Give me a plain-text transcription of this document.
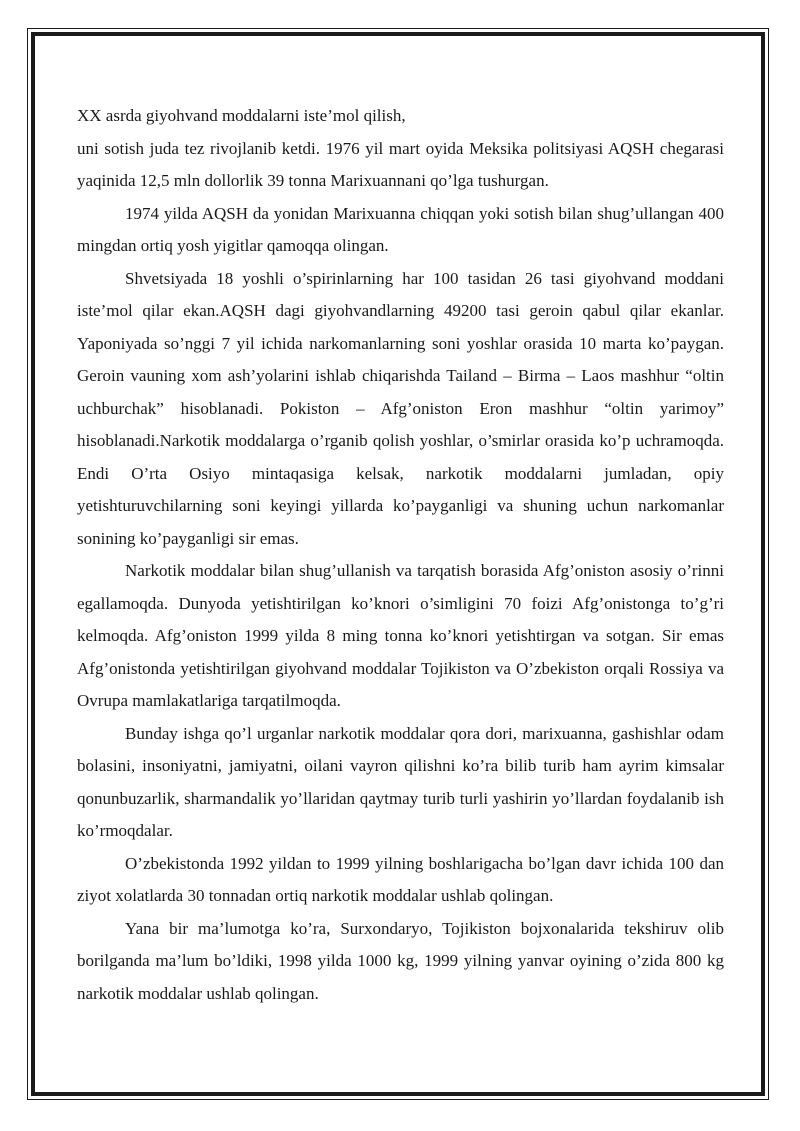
XX asrda giyohvand moddalarni iste’mol qilish,

uni sotish juda tez rivojlanib ketdi. 1976 yil mart oyida Meksika politsiyasi AQSH chegarasi yaqinida 12,5 mln dollorlik 39 tonna Marixuannani qo’lga tushurgan.

1974 yilda AQSH da yonidan Marixuanna chiqqan yoki sotish bilan shug’ullangan 400 mingdan ortiq yosh yigitlar qamoqqa olingan.

Shvetsiyada 18 yoshli o’spirinlarning har 100 tasidan 26 tasi giyohvand moddani iste’mol qilar ekan.AQSH dagi giyohvandlarning 49200 tasi geroin qabul qilar ekanlar. Yaponiyada so’nggi 7 yil ichida narkomanlarning soni yoshlar orasida 10 marta ko’paygan. Geroin vauning xom ash’yolarini ishlab chiqarishda Tailand – Birma – Laos mashhur “oltin uchburchak” hisoblanadi. Pokiston – Afg’oniston Eron mashhur “oltin yarimoy” hisoblanadi.Narkotik moddalarga o’rganib qolish yoshlar, o’smirlar orasida ko’p uchramoqda. Endi O’rta Osiyo mintaqasiga kelsak, narkotik moddalarni jumladan, opiy yetishturuvchilarning soni keyingi yillarda ko’payganligi va shuning uchun narkomanlar sonining ko’payganligi sir emas.

Narkotik moddalar bilan shug’ullanish va tarqatish borasida Afg’oniston asosiy o’rinni egallamoqda. Dunyoda yetishtirilgan ko’knori o’simligini 70 foizi Afg’onistonga to’g’ri kelmoqda. Afg’oniston 1999 yilda 8 ming tonna ko’knori yetishtirgan va sotgan. Sir emas Afg’onistonda yetishtirilgan giyohvand moddalar Tojikiston va O’zbekiston orqali Rossiya va Ovrupa mamlakatlariga tarqatilmoqda.

Bunday ishga qo’l urganlar narkotik moddalar qora dori, marixuanna, gashishlar odam bolasini, insoniyatni, jamiyatni, oilani vayron qilishni ko’ra bilib turib ham ayrim kimsalar qonunbuzarlik, sharmandalik yo’llaridan qaytmay turib turli yashirin yo’llardan foydalanib ish ko’rmoqdalar.

O’zbekistonda 1992 yildan to 1999 yilning boshlarigacha bo’lgan davr ichida 100 dan ziyot xolatlarda 30 tonnadan ortiq narkotik moddalar ushlab qolingan.

Yana bir ma’lumotga ko’ra, Surxondaryo, Tojikiston bojxonalarida tekshiruv olib borilganda ma’lum bo’ldiki, 1998 yilda 1000 kg, 1999 yilning yanvar oyining o’zida 800 kg narkotik moddalar ushlab qolingan.
